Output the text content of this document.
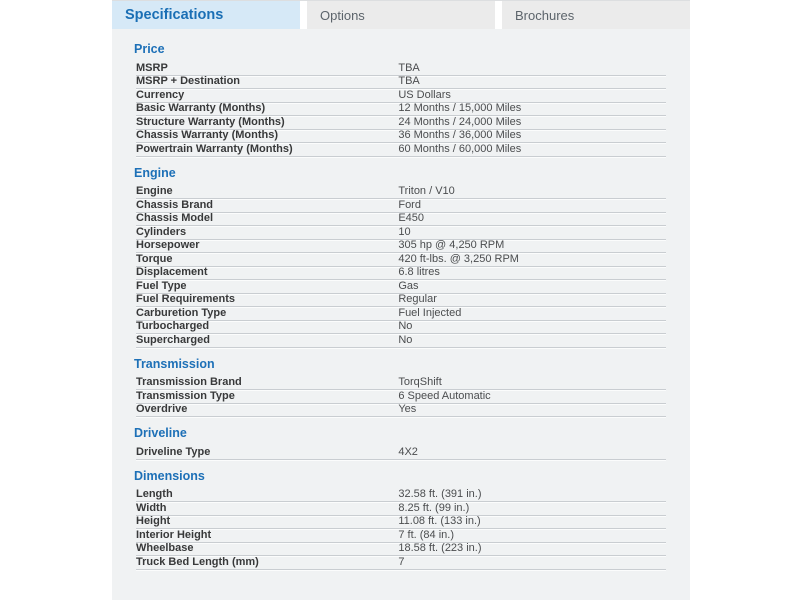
Specifications	Options	Brochures
Price
MSRP	TBA
MSRP + Destination	TBA
Currency	US Dollars
Basic Warranty (Months)	12 Months / 15,000 Miles
Structure Warranty (Months)	24 Months / 24,000 Miles
Chassis Warranty (Months)	36 Months / 36,000 Miles
Powertrain Warranty (Months)	60 Months / 60,000 Miles
Engine
Engine	Triton / V10
Chassis Brand	Ford
Chassis Model	E450
Cylinders	10
Horsepower	305 hp @ 4,250 RPM
Torque	420 ft-lbs. @ 3,250 RPM
Displacement	6.8 litres
Fuel Type	Gas
Fuel Requirements	Regular
Carburetion Type	Fuel Injected
Turbocharged	No
Supercharged	No
Transmission
Transmission Brand	TorqShift
Transmission Type	6 Speed Automatic
Overdrive	Yes
Driveline
Driveline Type	4X2
Dimensions
Length	32.58 ft. (391 in.)
Width	8.25 ft. (99 in.)
Height	11.08 ft. (133 in.)
Interior Height	7 ft. (84 in.)
Wheelbase	18.58 ft. (223 in.)
Truck Bed Length (mm)	7
